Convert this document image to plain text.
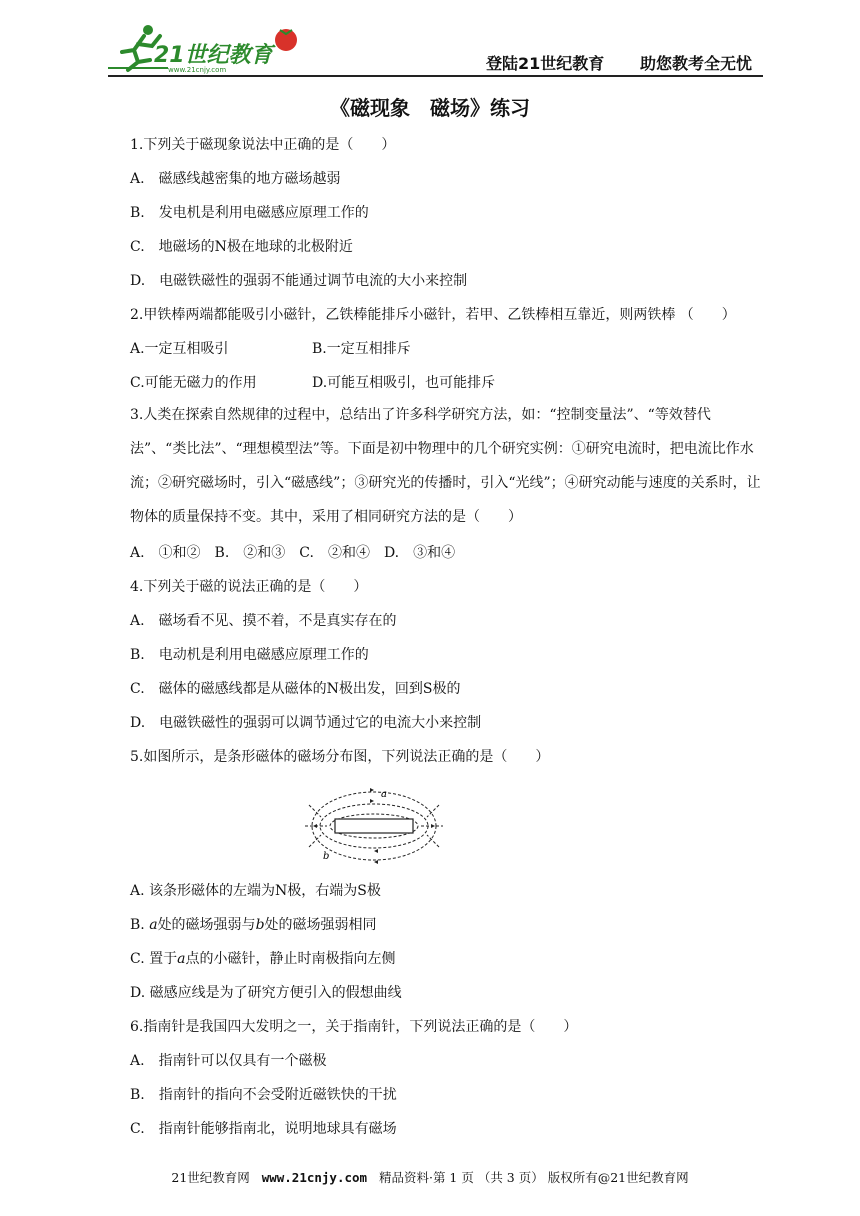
21世纪教育
www.21cnjy.com	登陆21世纪教育 助您教考全无忧
《磁现象　磁场》练习
1.下列关于磁现象说法中正确的是（　　）
A.　磁感线越密集的地方磁场越弱
B.　发电机是利用电磁感应原理工作的
C.　地磁场的N极在地球的北极附近
D.　电磁铁磁性的强弱不能通过调节电流的大小来控制
2.甲铁棒两端都能吸引小磁针，乙铁棒能排斥小磁针，若甲、乙铁棒相互靠近，则两铁棒 （　　）
A.一定互相吸引	B.一定互相排斥
C.可能无磁力的作用	D.可能互相吸引，也可能排斥
3.人类在探索自然规律的过程中，总结出了许多科学研究方法，如：“控制变量法”、“等效替代法”、“类比法”、“理想模型法”等。下面是初中物理中的几个研究实例：①研究电流时，把电流比作水流；②研究磁场时，引入“磁感线”；③研究光的传播时，引入“光线”；④研究动能与速度的关系时，让物体的质量保持不变。其中，采用了相同研究方法的是（　　）
A.　①和②　B.　②和③　C.　②和④　D.　③和④
4.下列关于磁的说法正确的是（　　）
A.　磁场看不见、摸不着，不是真实存在的
B.　电动机是利用电磁感应原理工作的
C.　磁体的磁感线都是从磁体的N极出发，回到S极的
D.　电磁铁磁性的强弱可以调节通过它的电流大小来控制
5.如图所示，是条形磁体的磁场分布图，下列说法正确的是（　　）
a
b
A. 该条形磁体的左端为N极，右端为S极
B. a处的磁场强弱与b处的磁场强弱相同
C. 置于a点的小磁针，静止时南极指向左侧
D. 磁感应线是为了研究方便引入的假想曲线
6.指南针是我国四大发明之一，关于指南针，下列说法正确的是（　　）
A.　指南针可以仅具有一个磁极
B.　指南针的指向不会受附近磁铁快的干扰
C.　指南针能够指南北，说明地球具有磁场
21世纪教育网 www.21cnjy.com 精品资料·第 1 页 （共 3 页） 版权所有@21世纪教育网
